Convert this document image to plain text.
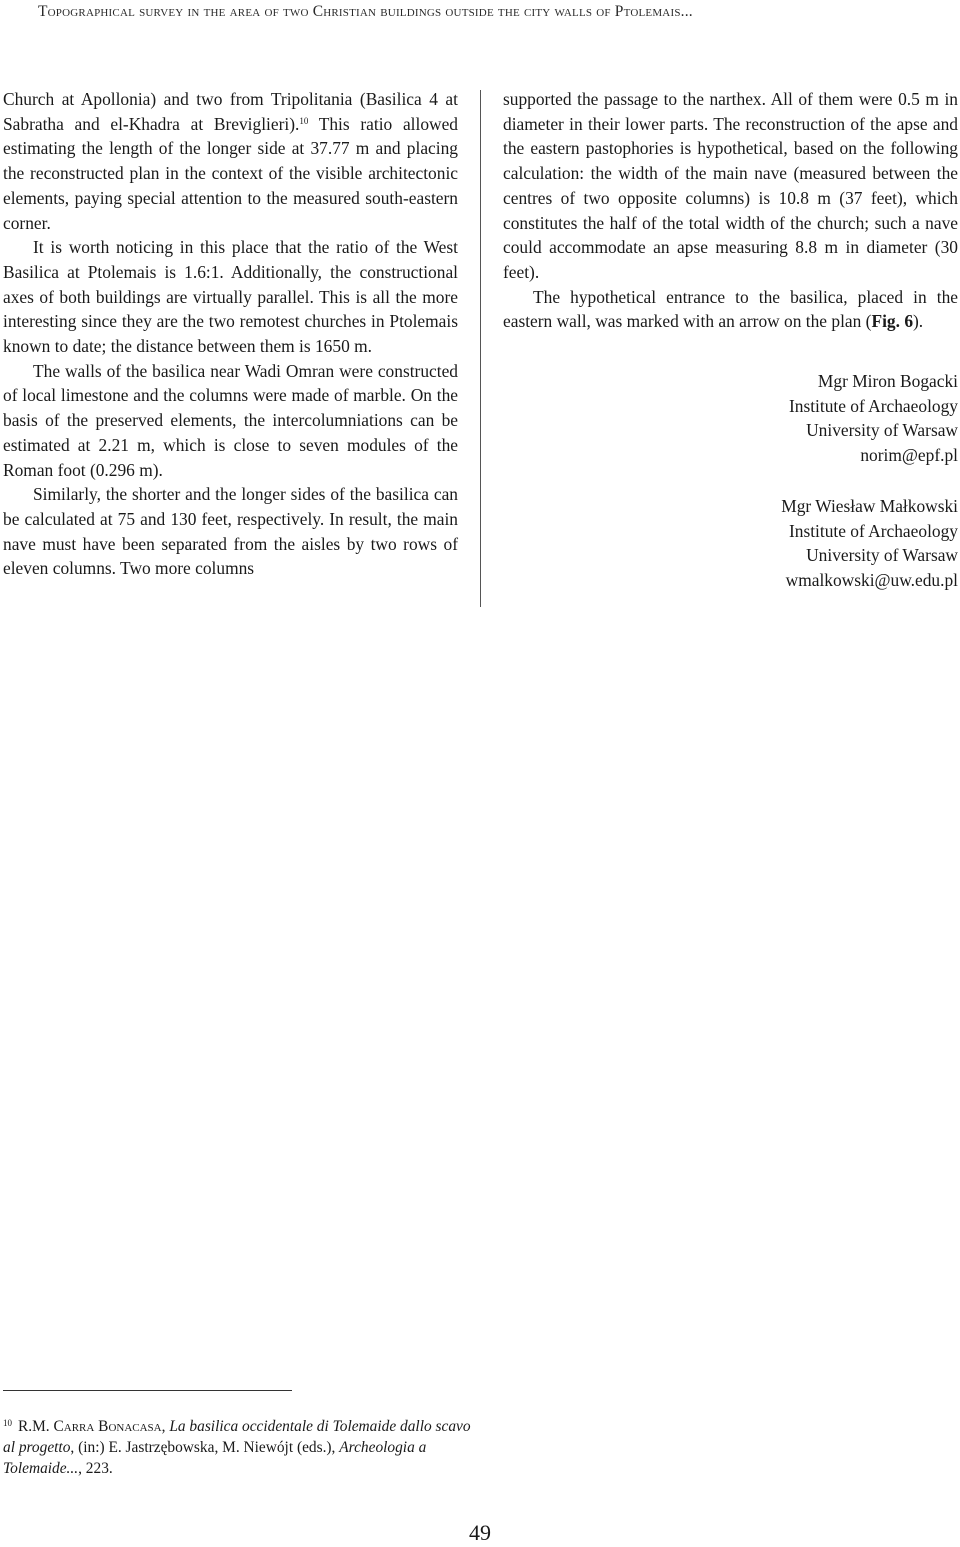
Topographical survey in the area of two Christian buildings outside the city walls of Ptolemais...

Church at Apollonia) and two from Tripolitania (Basilica 4 at Sabratha and el-Khadra at Breviglieri).$^{10}$ This ratio allowed estimating the length of the longer side at 37.77 m and placing the reconstructed plan in the context of the visible architectonic elements, paying special attention to the measured south-eastern corner.

It is worth noticing in this place that the ratio of the West Basilica at Ptolemais is 1.6:1. Additionally, the constructional axes of both buildings are virtually parallel. This is all the more interesting since they are the two remotest churches in Ptolemais known to date; the distance between them is 1650 m.

The walls of the basilica near Wadi Omran were constructed of local limestone and the columns were made of marble. On the basis of the preserved elements, the intercolumniations can be estimated at 2.21 m, which is close to seven modules of the Roman foot (0.296 m).

Similarly, the shorter and the longer sides of the basilica can be calculated at 75 and 130 feet, respectively. In result, the main nave must have been separated from the aisles by two rows of eleven columns. Two more columns

supported the passage to the narthex. All of them were 0.5 m in diameter in their lower parts. The reconstruction of the apse and the eastern pastophories is hypothetical, based on the following calculation: the width of the main nave (measured between the centres of two opposite columns) is 10.8 m (37 feet), which constitutes the half of the total width of the church; such a nave could accommodate an apse measuring 8.8 m in diameter (30 feet).

The hypothetical entrance to the basilica, placed in the eastern wall, was marked with an arrow on the plan (Fig. 6).

Mgr Miron Bogacki
Institute of Archaeology
University of Warsaw
norim@epf.pl
Mgr Wiesław Małkowski
Institute of Archaeology
University of Warsaw
wmalkowski@uw.edu.pl
$^{10}$ R.M. Carra Bonacasa, La basilica occidentale di Tolemaide dallo scavo al progetto, (in:) E. Jastrzębowska, M. Niewójt (eds.), Archeologia a Tolemaide..., 223.
49
